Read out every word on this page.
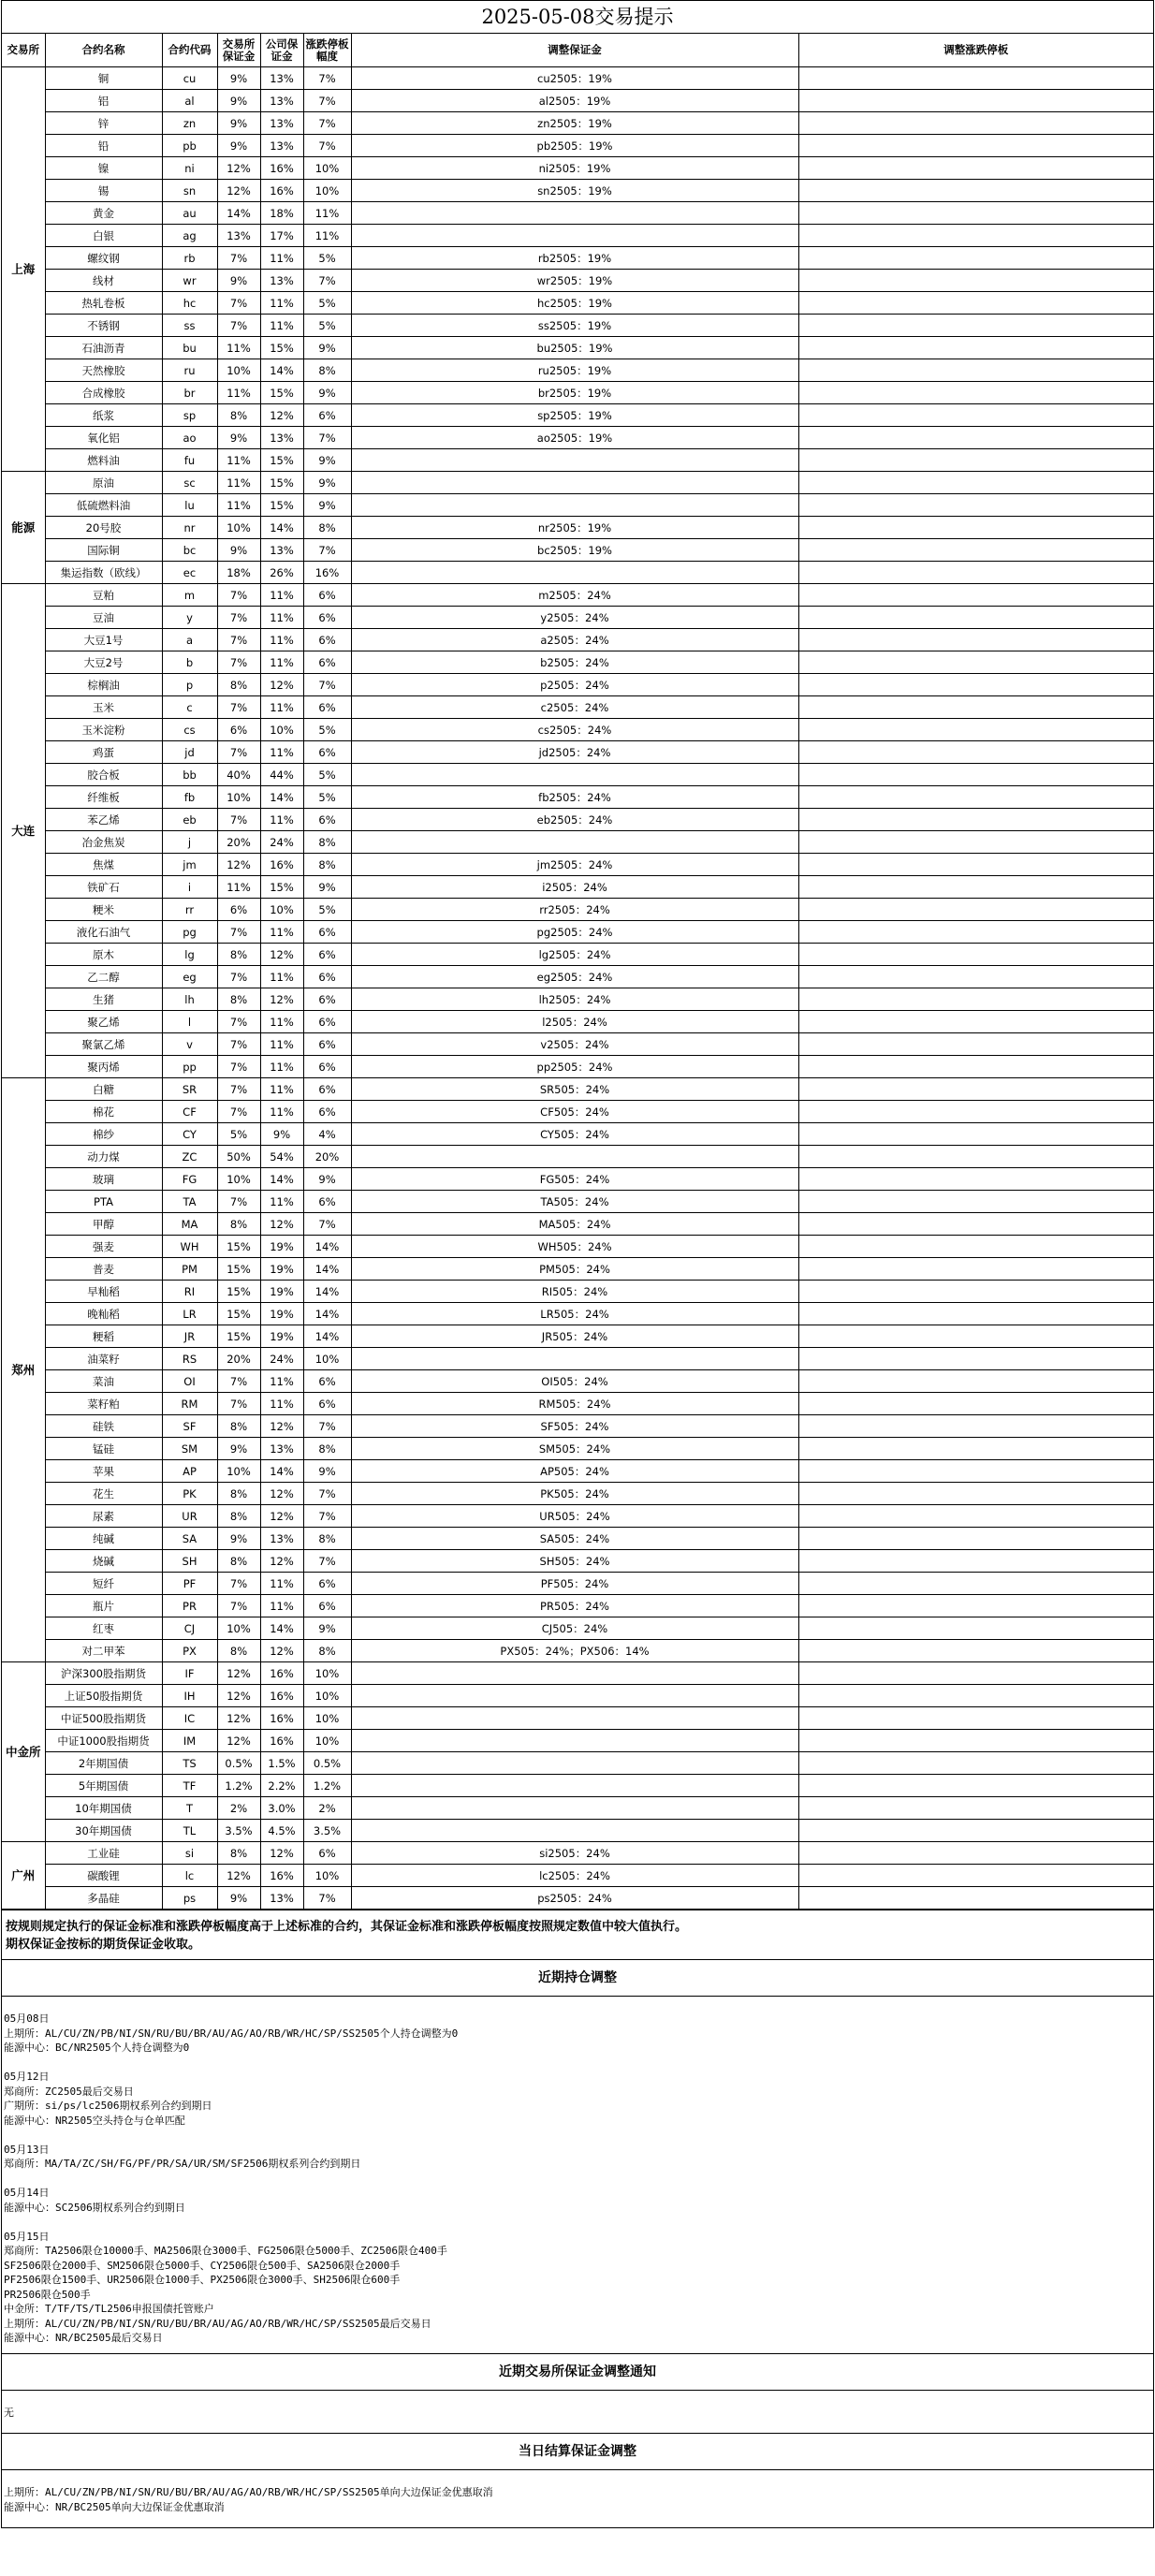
2025-05-08交易提示
交易所	合约名称	合约代码	交易所保证金	公司保证金	涨跌停板幅度	调整保证金	调整涨跌停板
上海	铜	cu	9%	13%	7%	cu2505：19%	
	铝	al	9%	13%	7%	al2505：19%	
	锌	zn	9%	13%	7%	zn2505：19%	
	铅	pb	9%	13%	7%	pb2505：19%	
	镍	ni	12%	16%	10%	ni2505：19%	
	锡	sn	12%	16%	10%	sn2505：19%	
	黄金	au	14%	18%	11%		
	白银	ag	13%	17%	11%		
	螺纹钢	rb	7%	11%	5%	rb2505：19%	
	线材	wr	9%	13%	7%	wr2505：19%	
	热轧卷板	hc	7%	11%	5%	hc2505：19%	
	不锈钢	ss	7%	11%	5%	ss2505：19%	
	石油沥青	bu	11%	15%	9%	bu2505：19%	
	天然橡胶	ru	10%	14%	8%	ru2505：19%	
	合成橡胶	br	11%	15%	9%	br2505：19%	
	纸浆	sp	8%	12%	6%	sp2505：19%	
	氧化铝	ao	9%	13%	7%	ao2505：19%	
	燃料油	fu	11%	15%	9%		
能源	原油	sc	11%	15%	9%		
	低硫燃料油	lu	11%	15%	9%		
	20号胶	nr	10%	14%	8%	nr2505：19%	
	国际铜	bc	9%	13%	7%	bc2505：19%	
	集运指数（欧线）	ec	18%	26%	16%		
大连	豆粕	m	7%	11%	6%	m2505：24%	
	豆油	y	7%	11%	6%	y2505：24%	
	大豆1号	a	7%	11%	6%	a2505：24%	
	大豆2号	b	7%	11%	6%	b2505：24%	
	棕榈油	p	8%	12%	7%	p2505：24%	
	玉米	c	7%	11%	6%	c2505：24%	
	玉米淀粉	cs	6%	10%	5%	cs2505：24%	
	鸡蛋	jd	7%	11%	6%	jd2505：24%	
	胶合板	bb	40%	44%	5%		
	纤维板	fb	10%	14%	5%	fb2505：24%	
	苯乙烯	eb	7%	11%	6%	eb2505：24%	
	冶金焦炭	j	20%	24%	8%		
	焦煤	jm	12%	16%	8%	jm2505：24%	
	铁矿石	i	11%	15%	9%	i2505：24%	
	粳米	rr	6%	10%	5%	rr2505：24%	
	液化石油气	pg	7%	11%	6%	pg2505：24%	
	原木	lg	8%	12%	6%	lg2505：24%	
	乙二醇	eg	7%	11%	6%	eg2505：24%	
	生猪	lh	8%	12%	6%	lh2505：24%	
	聚乙烯	l	7%	11%	6%	l2505：24%	
	聚氯乙烯	v	7%	11%	6%	v2505：24%	
	聚丙烯	pp	7%	11%	6%	pp2505：24%	
郑州	白糖	SR	7%	11%	6%	SR505：24%	
	棉花	CF	7%	11%	6%	CF505：24%	
	棉纱	CY	5%	9%	4%	CY505：24%	
	动力煤	ZC	50%	54%	20%		
	玻璃	FG	10%	14%	9%	FG505：24%	
	PTA	TA	7%	11%	6%	TA505：24%	
	甲醇	MA	8%	12%	7%	MA505：24%	
	强麦	WH	15%	19%	14%	WH505：24%	
	普麦	PM	15%	19%	14%	PM505：24%	
	早籼稻	RI	15%	19%	14%	RI505：24%	
	晚籼稻	LR	15%	19%	14%	LR505：24%	
	粳稻	JR	15%	19%	14%	JR505：24%	
	油菜籽	RS	20%	24%	10%		
	菜油	OI	7%	11%	6%	OI505：24%	
	菜籽粕	RM	7%	11%	6%	RM505：24%	
	硅铁	SF	8%	12%	7%	SF505：24%	
	锰硅	SM	9%	13%	8%	SM505：24%	
	苹果	AP	10%	14%	9%	AP505：24%	
	花生	PK	8%	12%	7%	PK505：24%	
	尿素	UR	8%	12%	7%	UR505：24%	
	纯碱	SA	9%	13%	8%	SA505：24%	
	烧碱	SH	8%	12%	7%	SH505：24%	
	短纤	PF	7%	11%	6%	PF505：24%	
	瓶片	PR	7%	11%	6%	PR505：24%	
	红枣	CJ	10%	14%	9%	CJ505：24%	
	对二甲苯	PX	8%	12%	8%	PX505：24%；PX506：14%	
中金所	沪深300股指期货	IF	12%	16%	10%		
	上证50股指期货	IH	12%	16%	10%		
	中证500股指期货	IC	12%	16%	10%		
	中证1000股指期货	IM	12%	16%	10%		
	2年期国债	TS	0.5%	1.5%	0.5%		
	5年期国债	TF	1.2%	2.2%	1.2%		
	10年期国债	T	2%	3.0%	2%		
	30年期国债	TL	3.5%	4.5%	3.5%		
广州	工业硅	si	8%	12%	6%	si2505：24%	
	碳酸锂	lc	12%	16%	10%	lc2505：24%	
	多晶硅	ps	9%	13%	7%	ps2505：24%	
按规则规定执行的保证金标准和涨跌停板幅度高于上述标准的合约，其保证金标准和涨跌停板幅度按照规定数值中较大值执行。
期权保证金按标的期货保证金收取。
近期持仓调整
05月08日
上期所：AL/CU/ZN/PB/NI/SN/RU/BU/BR/AU/AG/AO/RB/WR/HC/SP/SS2505个人持仓调整为0
能源中心：BC/NR2505个人持仓调整为0
05月12日
郑商所：ZC2505最后交易日
广期所：si/ps/lc2506期权系列合约到期日
能源中心：NR2505空头持仓与仓单匹配
05月13日
郑商所：MA/TA/ZC/SH/FG/PF/PR/SA/UR/SM/SF2506期权系列合约到期日
05月14日
能源中心：SC2506期权系列合约到期日
05月15日
郑商所：TA2506限仓10000手、MA2506限仓3000手、FG2506限仓5000手、ZC2506限仓400手
SF2506限仓2000手、SM2506限仓5000手、CY2506限仓500手、SA2506限仓2000手
PF2506限仓1500手、UR2506限仓1000手、PX2506限仓3000手、SH2506限仓600手
PR2506限仓500手
中金所：T/TF/TS/TL2506申报国债托管账户
上期所：AL/CU/ZN/PB/NI/SN/RU/BU/BR/AU/AG/AO/RB/WR/HC/SP/SS2505最后交易日
能源中心：NR/BC2505最后交易日
近期交易所保证金调整通知
无
当日结算保证金调整
上期所：AL/CU/ZN/PB/NI/SN/RU/BU/BR/AU/AG/AO/RB/WR/HC/SP/SS2505单向大边保证金优惠取消
能源中心：NR/BC2505单向大边保证金优惠取消
